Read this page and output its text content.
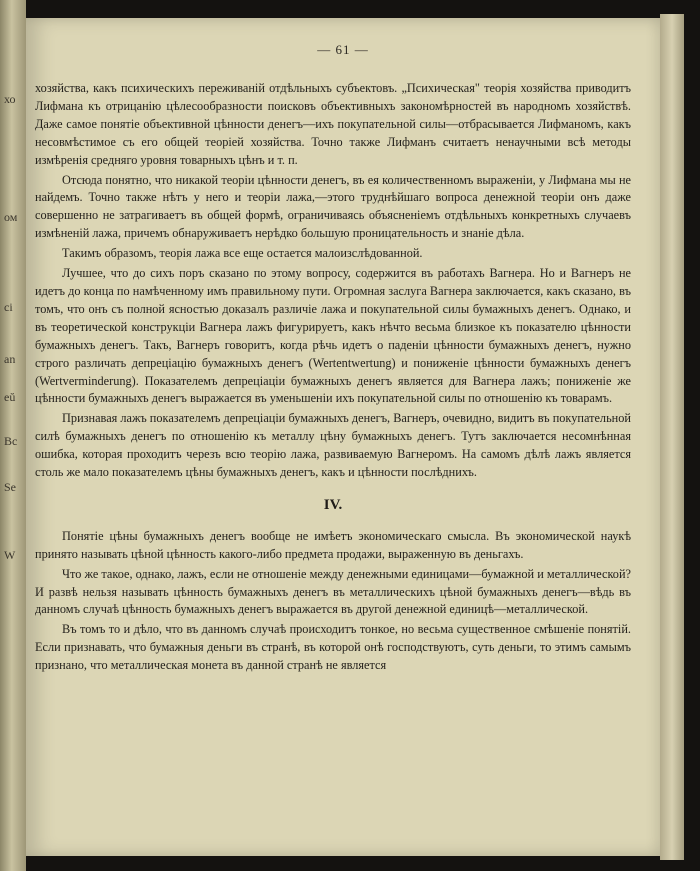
хо
ом
ci
an
eŭ
Вс
Se
W
— 61 —

хозяйства, какъ психическихъ переживаній отдѣльныхъ субъектовъ. „Психическая" теорія хозяйства приводитъ Лифмана къ отрицанію цѣлесообразности поисковъ объективныхъ закономѣрностей въ народномъ хозяйствѣ. Даже самое понятіе объективной цѣнности денегъ—ихъ покупательной силы—отбрасывается Лифманомъ, какъ несовмѣстимое съ его общей теоріей хозяйства. Точно также Лифманъ считаетъ ненаучными всѣ методы измѣренія средняго уровня товарныхъ цѣнъ и т. п.

Отсюда понятно, что никакой теоріи цѣнности денегъ, въ ея количественномъ выраженіи, у Лифмана мы не найдемъ. Точно также нѣтъ у него и теоріи лажа,—этого труднѣйшаго вопроса денежной теоріи онъ даже совершенно не затрагиваетъ въ общей формѣ, ограничиваясь объясненіемъ отдѣльныхъ конкретныхъ случаевъ измѣненій лажа, причемъ обнаруживаетъ нерѣдко большую проницательность и знаніе дѣла.

Такимъ образомъ, теорія лажа все еще остается малоизслѣдованной.

Лучшее, что до сихъ поръ сказано по этому вопросу, содержится въ работахъ Вагнера. Но и Вагнеръ не идетъ до конца по намѣченному имъ правильному пути. Огромная заслуга Вагнера заключается, какъ сказано, въ томъ, что онъ съ полной ясностью доказалъ различіе лажа и покупательной силы бумажныхъ денегъ. Однако, и въ теоретической конструкціи Вагнера лажъ фигурируетъ, какъ нѣчто весьма близкое къ показателю цѣнности бумажныхъ денегъ. Такъ, Вагнеръ говоритъ, когда рѣчь идетъ о паденіи цѣнности бумажныхъ денегъ, нужно строго различать депреціацію бумажныхъ денегъ (Wertentwertung) и пониженіе цѣнности бумажныхъ денегъ (Wertverminderung). Показателемъ депреціаціи бумажныхъ денегъ является для Вагнера лажъ; пониженіе же цѣнности бумажныхъ денегъ выражается въ уменьшеніи ихъ покупательной силы по отношенію къ товарамъ.

Признавая лажъ показателемъ депреціаціи бумажныхъ денегъ, Вагнеръ, очевидно, видитъ въ покупательной силѣ бумажныхъ денегъ по отношенію къ металлу цѣну бумажныхъ денегъ. Тутъ заключается несомнѣнная ошибка, которая проходитъ черезъ всю теорію лажа, развиваемую Вагнеромъ. На самомъ дѣлѣ лажъ является столь же мало показателемъ цѣны бумажныхъ денегъ, какъ и цѣнности послѣднихъ.

IV.

Понятіе цѣны бумажныхъ денегъ вообще не имѣетъ экономическаго смысла. Въ экономической наукѣ принято называть цѣной цѣнность какого-либо предмета продажи, выраженную въ деньгахъ.

Что же такое, однако, лажъ, если не отношеніе между денежными единицами—бумажной и металлической? И развѣ нельзя называть цѣнность бумажныхъ денегъ въ металлическихъ цѣной бумажныхъ денегъ—вѣдь въ данномъ случаѣ цѣнность бумажныхъ денегъ выражается въ другой денежной единицѣ—металлической.

Въ томъ то и дѣло, что въ данномъ случаѣ происходитъ тонкое, но весьма существенное смѣшеніе понятій. Если признавать, что бумажныя деньги въ странѣ, въ которой онѣ господствуютъ, суть деньги, то этимъ самымъ признано, что металлическая монета въ данной странѣ не является
